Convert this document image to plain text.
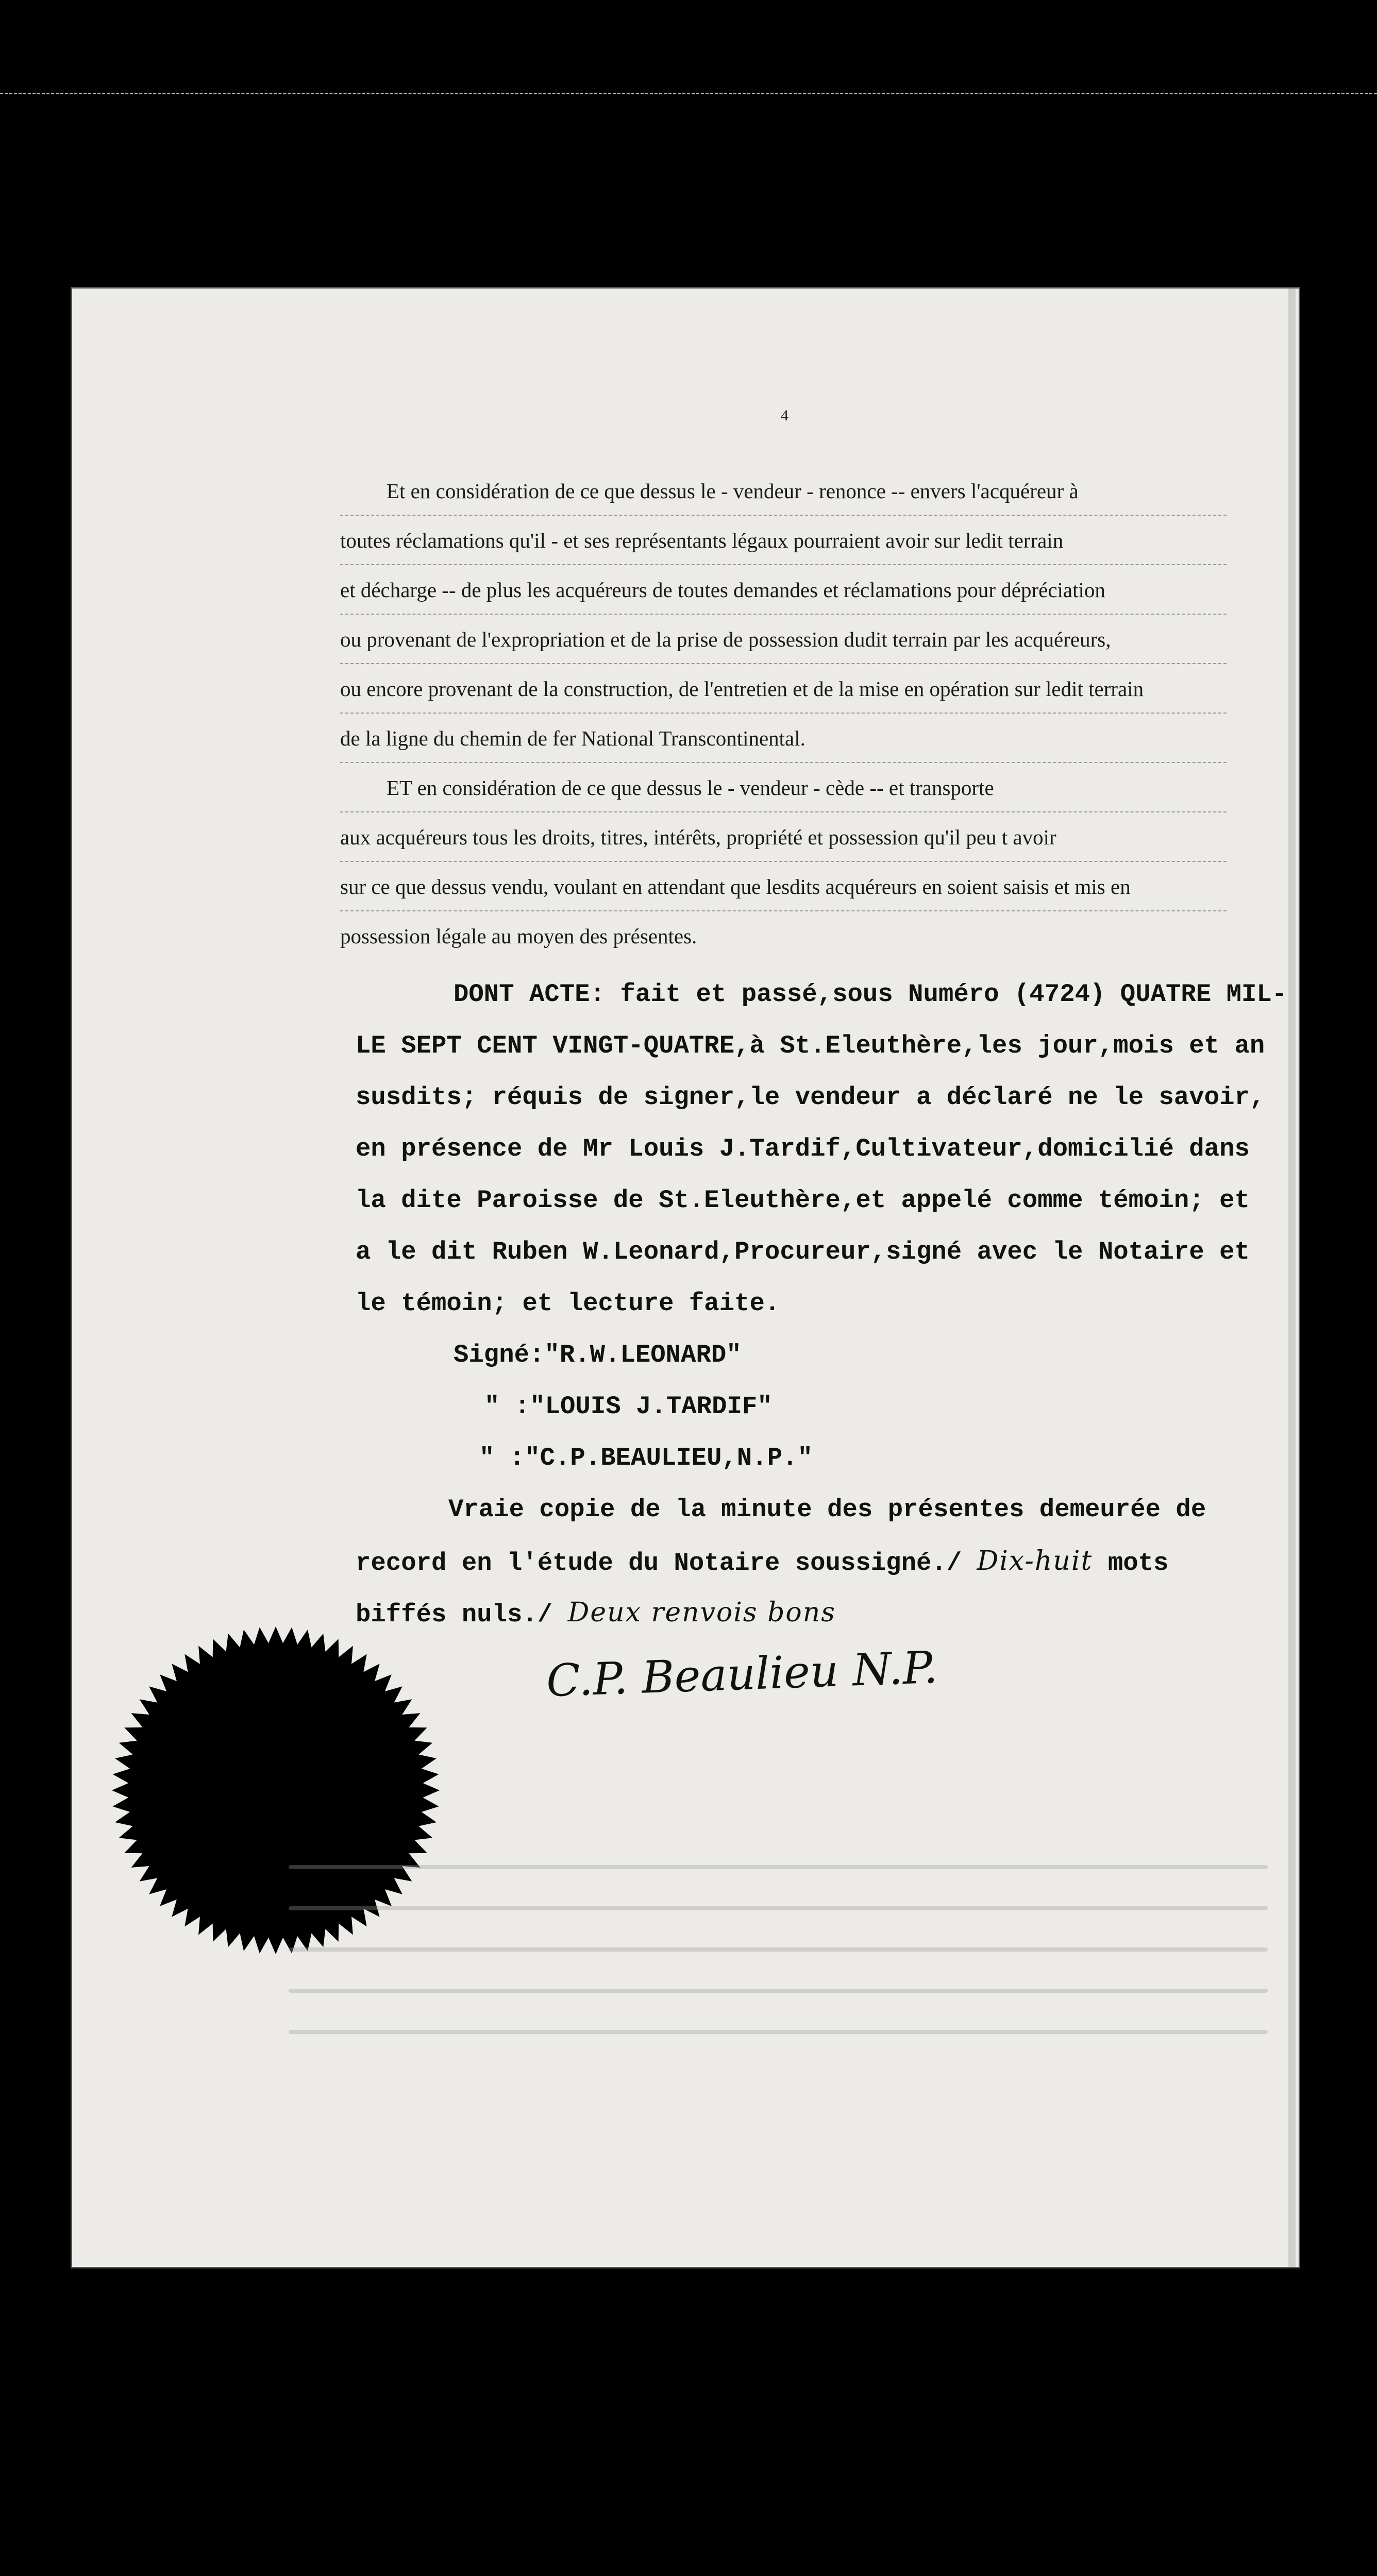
4
Et en considération de ce que dessus le - vendeur - renonce -- envers l'acquéreur à
toutes réclamations qu'il - et ses représentants légaux pourraient avoir sur ledit terrain
et décharge -- de plus les acquéreurs de toutes demandes et réclamations pour dépréciation
ou provenant de l'expropriation et de la prise de possession dudit terrain par les acquéreurs,
ou encore provenant de la construction, de l'entretien et de la mise en opération sur ledit terrain
de la ligne du chemin de fer National Transcontinental.
ET en considération de ce que dessus le - vendeur - cède -- et transporte
aux acquéreurs tous les droits, titres, intérêts, propriété et possession qu'il peu t avoir
sur ce que dessus vendu, voulant en attendant que lesdits acquéreurs en soient saisis et mis en
possession légale au moyen des présentes.
DONT ACTE: fait et passé,sous Numéro (4724) QUATRE MIL-
LE SEPT CENT VINGT-QUATRE,à St.Eleuthère,les jour,mois et an
susdits; réquis de signer,le vendeur a déclaré ne le savoir,
en présence de Mr Louis J.Tardif,Cultivateur,domicilié dans
la dite Paroisse de St.Eleuthère,et appelé comme témoin; et
a le dit Ruben W.Leonard,Procureur,signé avec le Notaire et
le témoin; et lecture faite.
Signé:"R.W.LEONARD"
" :"LOUIS J.TARDIF"
" :"C.P.BEAULIEU,N.P."
Vraie copie de la minute des présentes demeurée de
record en l'étude du Notaire soussigné./ Dix-huit mots
biffés nuls./ Deux renvois bons
C.P. Beaulieu N.P.
